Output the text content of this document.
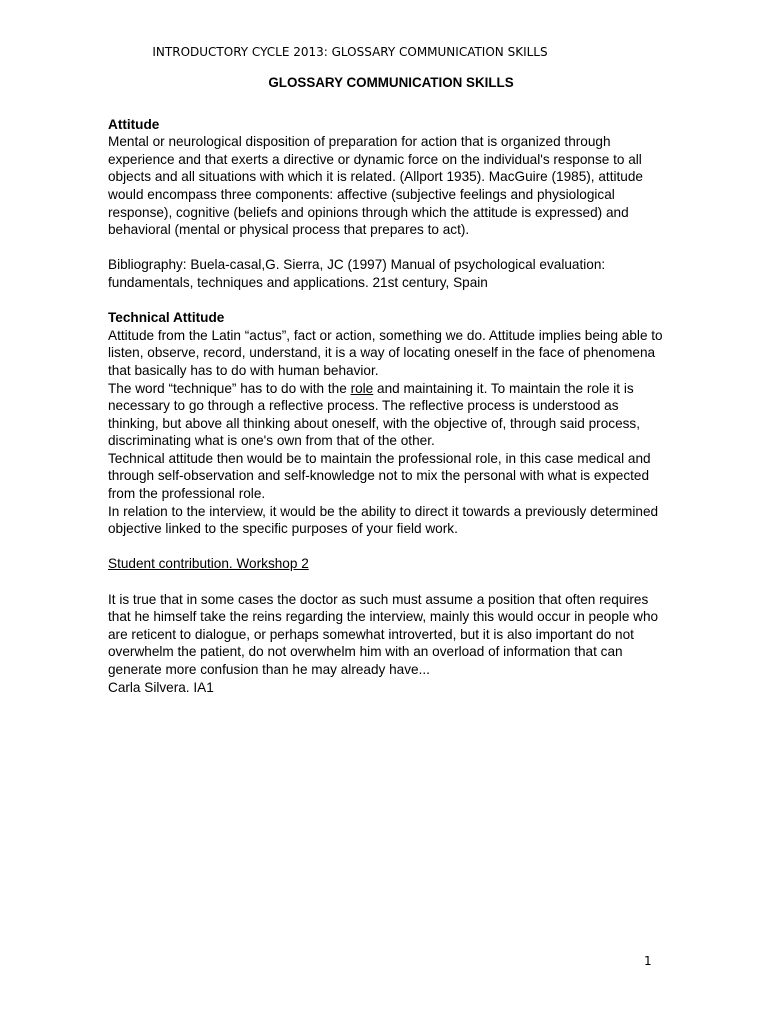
INTRODUCTORY CYCLE 2013: GLOSSARY COMMUNICATION SKILLS
GLOSSARY COMMUNICATION SKILLS

Attitude

Mental or neurological disposition of preparation for action that is organized through experience and that exerts a directive or dynamic force on the individual's response to all objects and all situations with which it is related. (Allport 1935). MacGuire (1985), attitude would encompass three components: affective (subjective feelings and physiological response), cognitive (beliefs and opinions through which the attitude is expressed) and behavioral (mental or physical process that prepares to act).

Bibliography: Buela-casal,G. Sierra, JC (1997) Manual of psychological evaluation: fundamentals, techniques and applications. 21st century, Spain

Technical Attitude

Attitude from the Latin “actus”, fact or action, something we do. Attitude implies being able to listen, observe, record, understand, it is a way of locating oneself in the face of phenomena that basically has to do with human behavior.

The word “technique” has to do with the role and maintaining it. To maintain the role it is necessary to go through a reflective process. The reflective process is understood as thinking, but above all thinking about oneself, with the objective of, through said process, discriminating what is one's own from that of the other.

Technical attitude then would be to maintain the professional role, in this case medical and through self-observation and self-knowledge not to mix the personal with what is expected from the professional role.

In relation to the interview, it would be the ability to direct it towards a previously determined objective linked to the specific purposes of your field work.

Student contribution. Workshop 2

It is true that in some cases the doctor as such must assume a position that often requires that he himself take the reins regarding the interview, mainly this would occur in people who are reticent to dialogue, or perhaps somewhat introverted, but it is also important do not overwhelm the patient, do not overwhelm him with an overload of information that can generate more confusion than he may already have...

Carla Silvera. IA1

1
